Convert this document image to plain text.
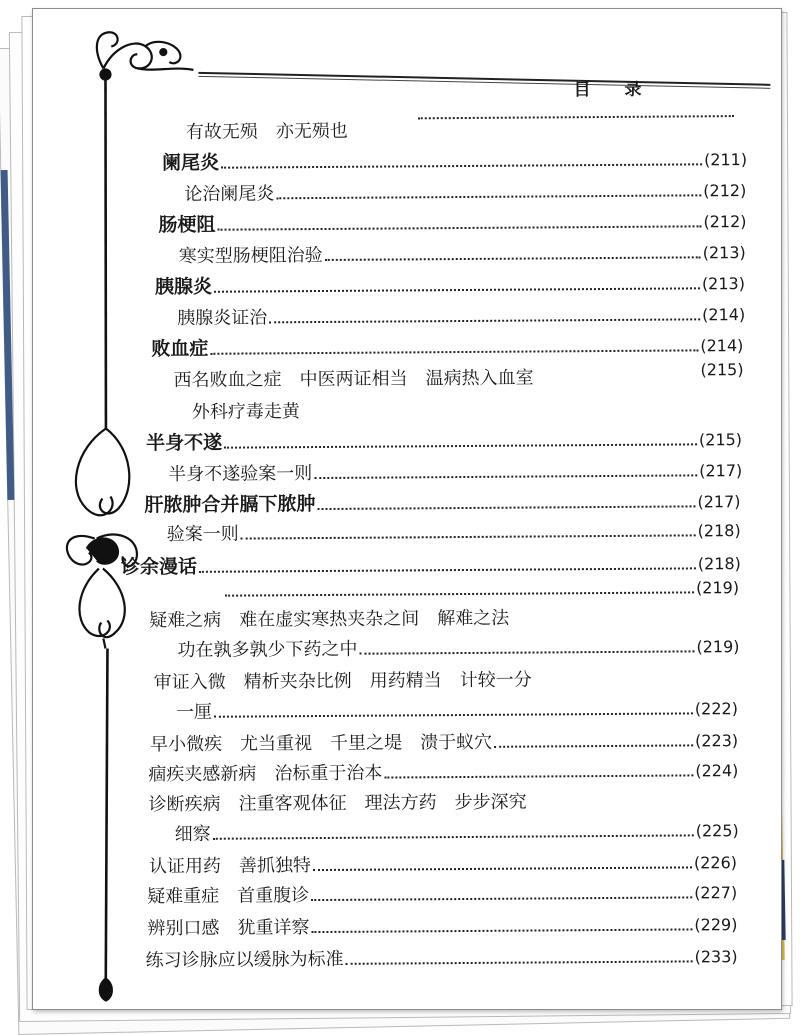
目 录
有故无殒　亦无殒也
阑尾炎	(211)
论治阑尾炎	(212)
肠梗阻	(212)
寒实型肠梗阻治验	(213)
胰腺炎	(213)
胰腺炎证治	(214)
败血症	(214)
西名败血之症　中医两证相当　温病热入血室	(215)
外科疗毒走黄
半身不遂	(215)
半身不遂验案一则	(217)
肝脓肿合并膈下脓肿	(217)
验案一则	(218)
诊余漫话	(218)
(219)
疑难之病　难在虚实寒热夹杂之间　解难之法
功在孰多孰少下药之中	(219)
审证入微　精析夹杂比例　用药精当　计较一分
一厘	(222)
早小微疾　尤当重视　千里之堤　溃于蚁穴	(223)
痼疾夹感新病　治标重于治本	(224)
诊断疾病　注重客观体征　理法方药　步步深究
细察	(225)
认证用药　善抓独特	(226)
疑难重症　首重腹诊	(227)
辨别口感　犹重详察	(229)
练习诊脉应以缓脉为标准	(233)
